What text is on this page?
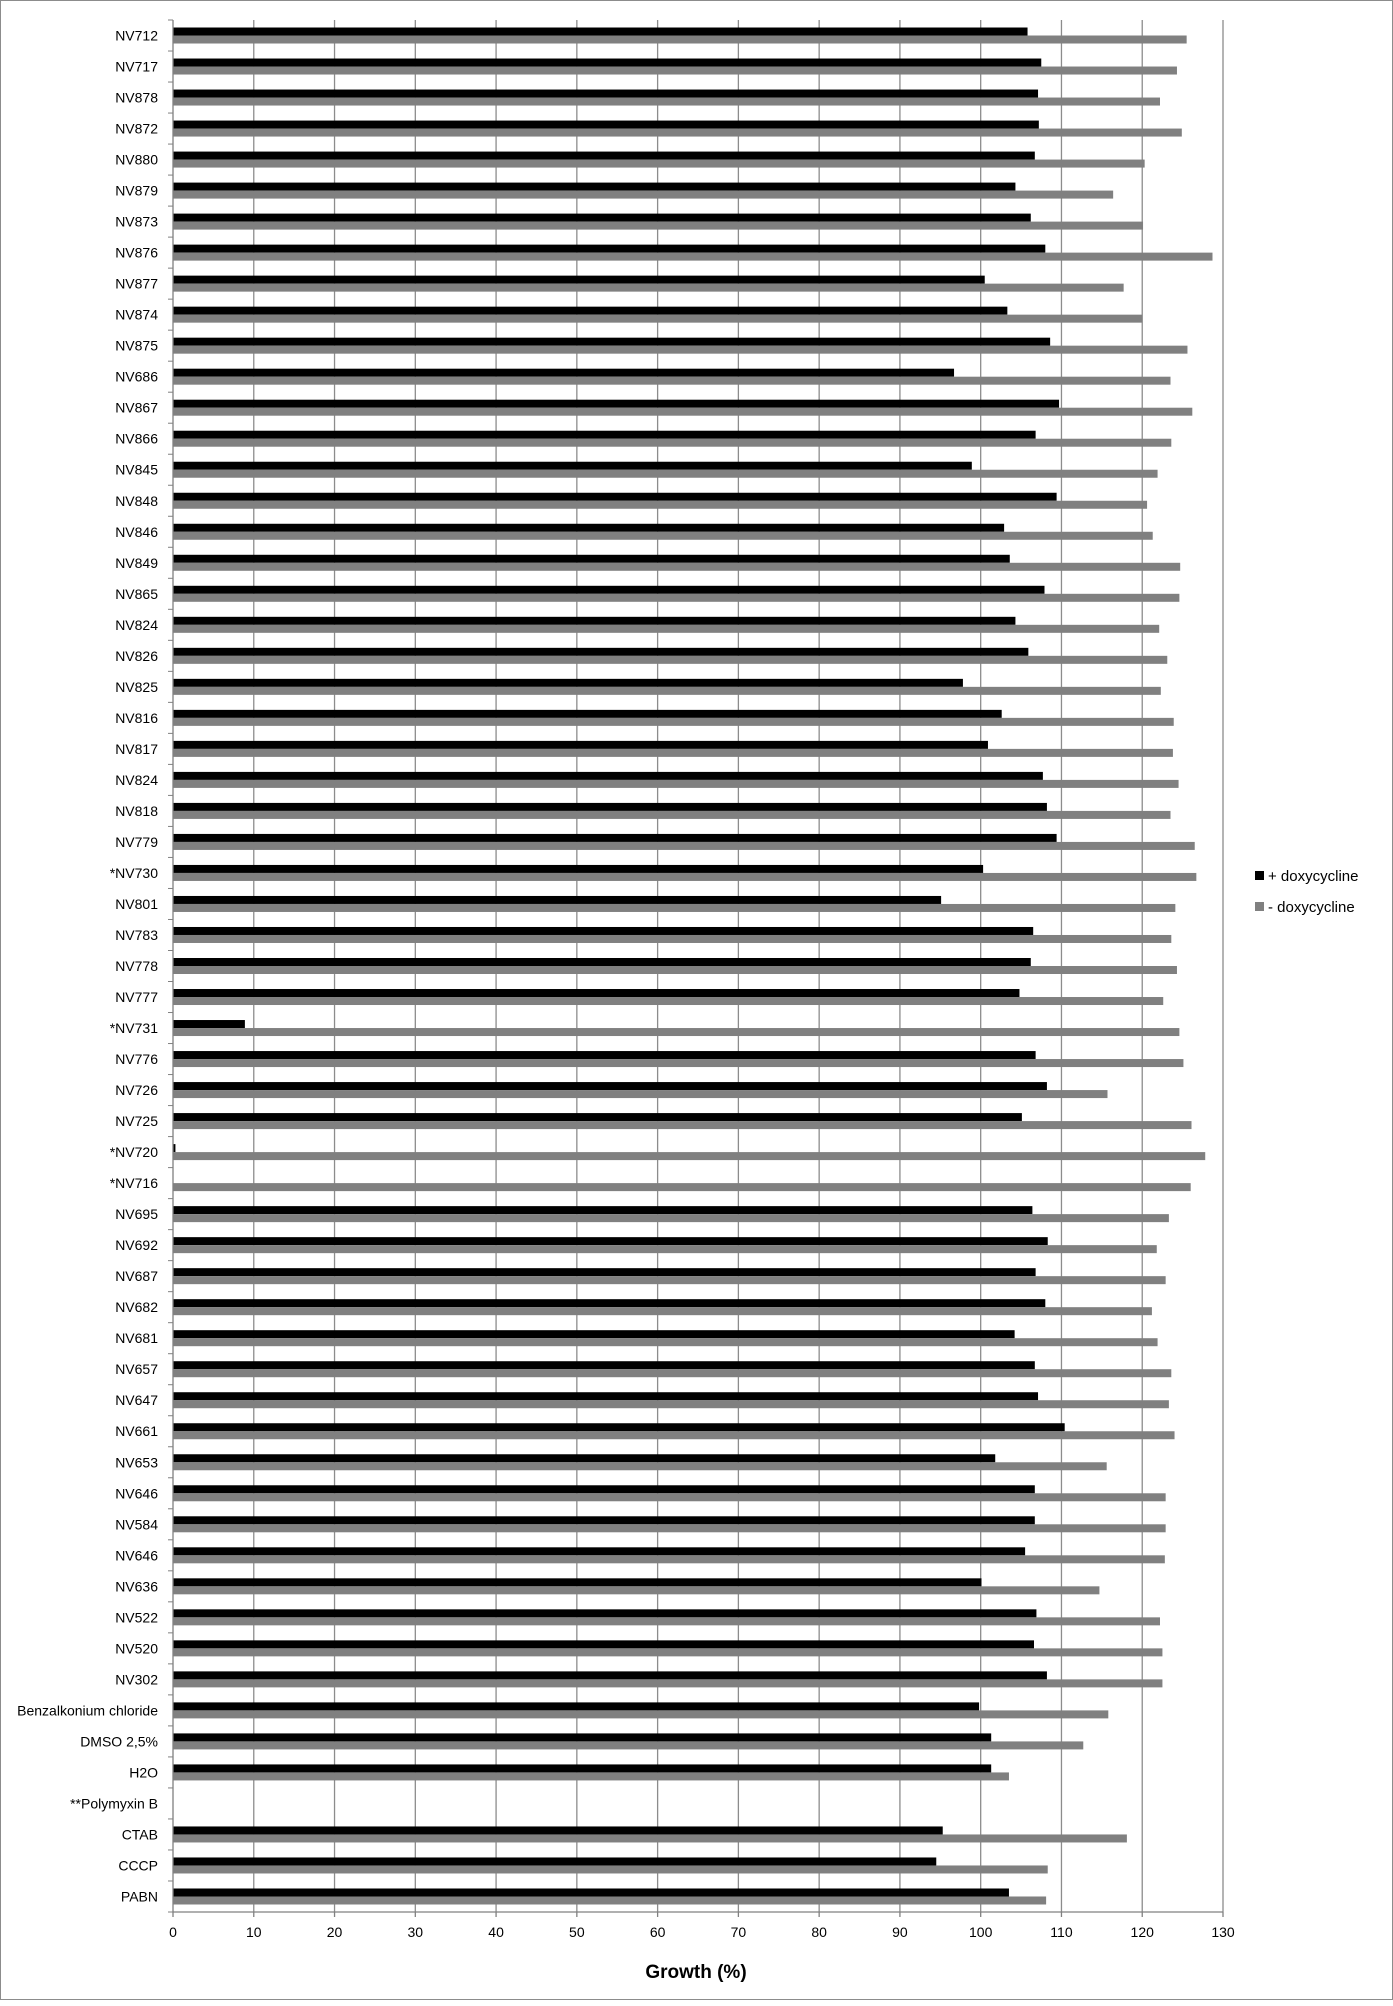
NV712
NV717
NV878
NV872
NV880
NV879
NV873
NV876
NV877
NV874
NV875
NV686
NV867
NV866
NV845
NV848
NV846
NV849
NV865
NV824
NV826
NV825
NV816
NV817
NV824
NV818
NV779
*NV730
NV801
NV783
NV778
NV777
*NV731
NV776
NV726
NV725
*NV720
*NV716
NV695
NV692
NV687
NV682
NV681
NV657
NV647
NV661
NV653
NV646
NV584
NV646
NV636
NV522
NV520
NV302
Benzalkonium chloride
DMSO 2,5%
H2O
**Polymyxin B
CTAB
CCCP
PABN
0	10	20	30	40	50	60	70	80	90	100	110	120	130
Growth (%)
+ doxycycline
- doxycycline
